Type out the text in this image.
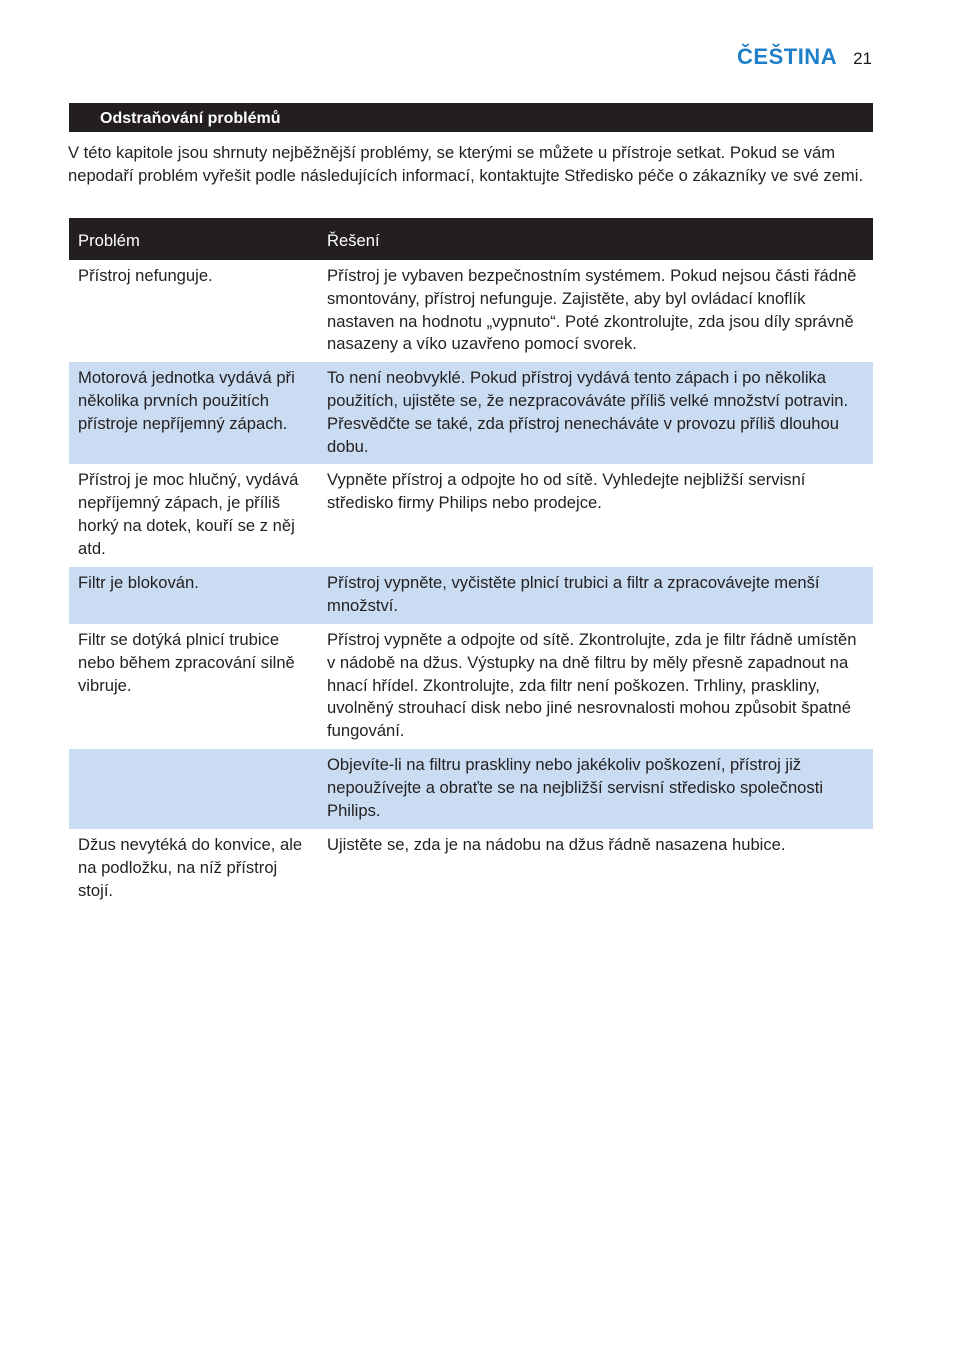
ČEŠTINA 21
Odstraňování problémů

V této kapitole jsou shrnuty nejběžnější problémy, se kterými se můžete u přístroje setkat. Pokud se vám nepodaří problém vyřešit podle následujících informací, kontaktujte Středisko péče o zákazníky ve své zemi.

Problém	Řešení
Přístroj nefunguje.	Přístroj je vybaven bezpečnostním systémem. Pokud nejsou části řádně smontovány, přístroj nefunguje. Zajistěte, aby byl ovládací knoflík nastaven na hodnotu „vypnuto“. Poté zkontrolujte, zda jsou díly správně nasazeny a víko uzavřeno pomocí svorek.
Motorová jednotka vydává při několika prvních použitích přístroje nepříjemný zápach.	To není neobvyklé. Pokud přístroj vydává tento zápach i po několika použitích, ujistěte se, že nezpracováváte příliš velké množství potravin. Přesvědčte se také, zda přístroj nenecháváte v provozu příliš dlouhou dobu.
Přístroj je moc hlučný, vydává nepříjemný zápach, je příliš horký na dotek, kouří se z něj atd.	Vypněte přístroj a odpojte ho od sítě. Vyhledejte nejbližší servisní středisko firmy Philips nebo prodejce.
Filtr je blokován.	Přístroj vypněte, vyčistěte plnicí trubici a filtr a zpracovávejte menší množství.
Filtr se dotýká plnicí trubice nebo během zpracování silně vibruje.	Přístroj vypněte a odpojte od sítě. Zkontrolujte, zda je filtr řádně umístěn v nádobě na džus. Výstupky na dně filtru by měly přesně zapadnout na hnací hřídel. Zkontrolujte, zda filtr není poškozen. Trhliny, praskliny, uvolněný strouhací disk nebo jiné nesrovnalosti mohou způsobit špatné fungování.
	Objevíte-li na filtru praskliny nebo jakékoliv poškození, přístroj již nepoužívejte a obraťte se na nejbližší servisní středisko společnosti Philips.
Džus nevytéká do konvice, ale na podložku, na níž přístroj stojí.	Ujistěte se, zda je na nádobu na džus řádně nasazena hubice.
